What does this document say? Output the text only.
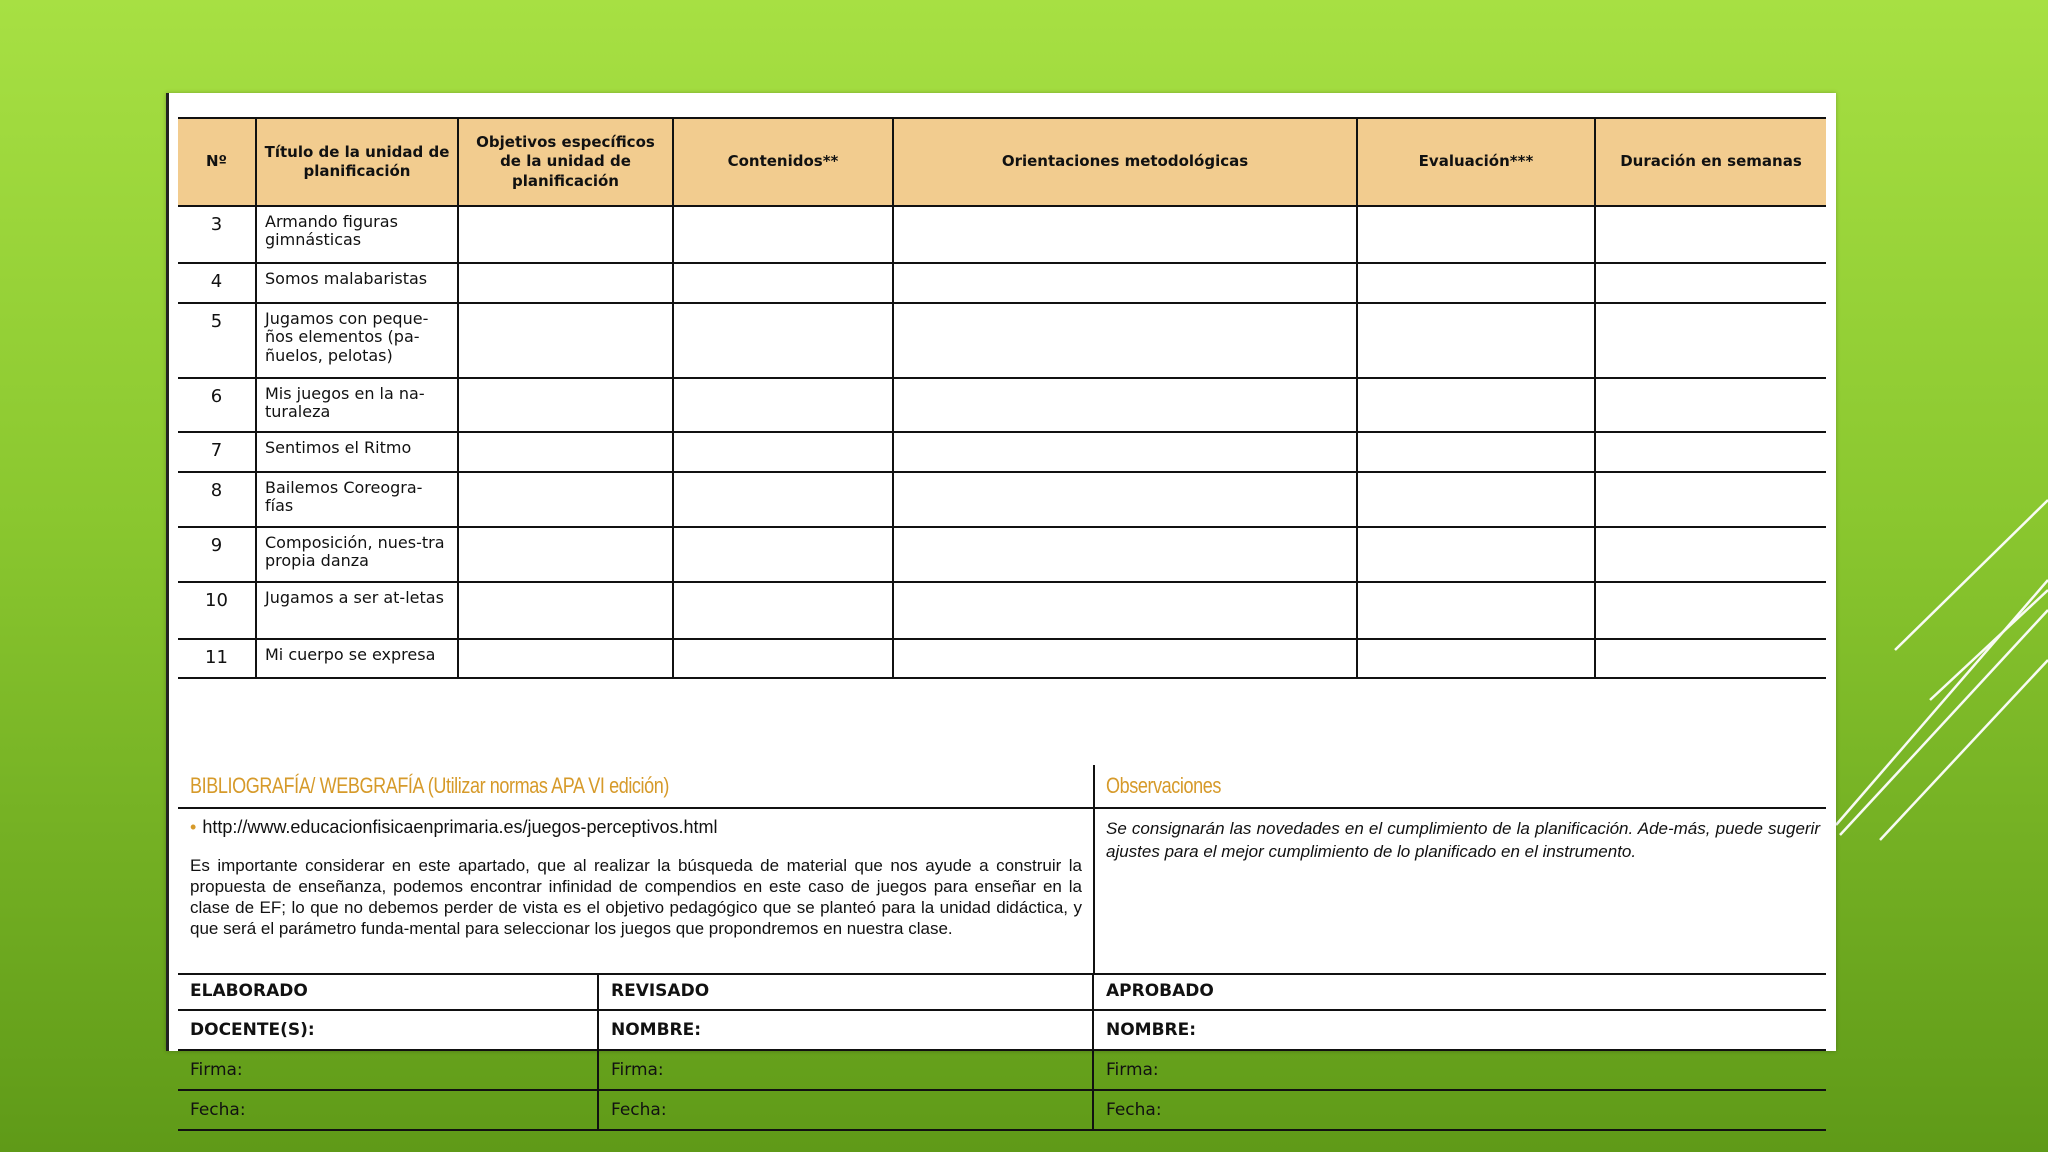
Nº	Título de la unidad de planificación	Objetivos específicos de la unidad de planificación	Contenidos**	Orientaciones metodológicas	Evaluación***	Duración en semanas
3	Armando figuras gimnásticas					
4	Somos malabaristas					
5	Jugamos con peque-ños elementos (pa-ñuelos, pelotas)					
6	Mis juegos en la na-turaleza					
7	Sentimos el Ritmo					
8	Bailemos Coreogra-fías					
9	Composición, nues-tra propia danza					
10	Jugamos a ser at-letas					
11	Mi cuerpo se expresa					
BIBLIOGRAFÍA/ WEBGRAFÍA (Utilizar normas APA VI edición)
• http://www.educacionfisicaenprimaria.es/juegos-perceptivos.html
Es importante considerar en este apartado, que al realizar la búsqueda de material que nos ayude a construir la propuesta de enseñanza, podemos encontrar infinidad de compendios en este caso de juegos para enseñar en la clase de EF; lo que no debemos perder de vista es el objetivo pedagógico que se planteó para la unidad didáctica, y que será el parámetro funda-mental para seleccionar los juegos que propondremos en nuestra clase.
Observaciones
Se consignarán las novedades en el cumplimiento de la planificación. Ade-más, puede sugerir ajustes para el mejor cumplimiento de lo planificado en el instrumento.
ELABORADO	REVISADO	APROBADO
DOCENTE(S):	NOMBRE:	NOMBRE:
Firma:	Firma:	Firma:
Fecha:	Fecha:	Fecha:
